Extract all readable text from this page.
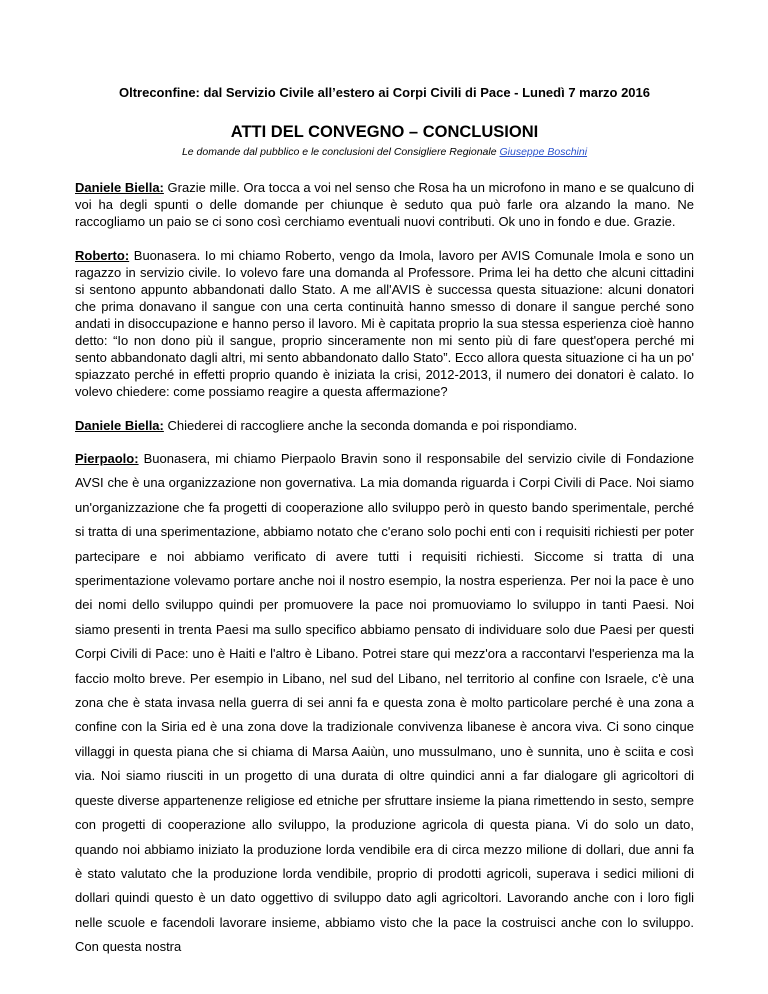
Oltreconfine: dal Servizio Civile all’estero ai Corpi Civili di Pace - Lunedì 7 marzo 2016
ATTI DEL CONVEGNO – CONCLUSIONI
Le domande dal pubblico e le conclusioni del Consigliere Regionale Giuseppe Boschini

Daniele Biella: Grazie mille. Ora tocca a voi nel senso che Rosa ha un microfono in mano e se qualcuno di voi ha degli spunti o delle domande per chiunque è seduto qua può farle ora alzando la mano. Ne raccogliamo un paio se ci sono così cerchiamo eventuali nuovi contributi. Ok uno in fondo e due. Grazie.

Roberto: Buonasera. Io mi chiamo Roberto, vengo da Imola, lavoro per AVIS Comunale Imola e sono un ragazzo in servizio civile. Io volevo fare una domanda al Professore. Prima lei ha detto che alcuni cittadini si sentono appunto abbandonati dallo Stato. A me all'AVIS è successa questa situazione: alcuni donatori che prima donavano il sangue con una certa continuità hanno smesso di donare il sangue perché sono andati in disoccupazione e hanno perso il lavoro. Mi è capitata proprio la sua stessa esperienza cioè hanno detto: “Io non dono più il sangue, proprio sinceramente non mi sento più di fare quest'opera perché mi sento abbandonato dagli altri, mi sento abbandonato dallo Stato”. Ecco allora questa situazione ci ha un po' spiazzato perché in effetti proprio quando è iniziata la crisi, 2012-2013, il numero dei donatori è calato. Io volevo chiedere: come possiamo reagire a questa affermazione?

Daniele Biella: Chiederei di raccogliere anche la seconda domanda e poi rispondiamo.

Pierpaolo: Buonasera, mi chiamo Pierpaolo Bravin sono il responsabile del servizio civile di Fondazione AVSI che è una organizzazione non governativa. La mia domanda riguarda i Corpi Civili di Pace. Noi siamo un'organizzazione che fa progetti di cooperazione allo sviluppo però in questo bando sperimentale, perché si tratta di una sperimentazione, abbiamo notato che c'erano solo pochi enti con i requisiti richiesti per poter partecipare e noi abbiamo verificato di avere tutti i requisiti richiesti. Siccome si tratta di una sperimentazione volevamo portare anche noi il nostro esempio, la nostra esperienza. Per noi la pace è uno dei nomi dello sviluppo quindi per promuovere la pace noi promuoviamo lo sviluppo in tanti Paesi. Noi siamo presenti in trenta Paesi ma sullo specifico abbiamo pensato di individuare solo due Paesi per questi Corpi Civili di Pace: uno è Haiti e l'altro è Libano. Potrei stare qui mezz'ora a raccontarvi l'esperienza ma la faccio molto breve. Per esempio in Libano, nel sud del Libano, nel territorio al confine con Israele, c'è una zona che è stata invasa nella guerra di sei anni fa e questa zona è molto particolare perché è una zona a confine con la Siria ed è una zona dove la tradizionale convivenza libanese è ancora viva. Ci sono cinque villaggi in questa piana che si chiama di Marsa Aaiùn, uno mussulmano, uno è sunnita, uno è sciita e così via. Noi siamo riusciti in un progetto di una durata di oltre quindici anni a far dialogare gli agricoltori di queste diverse appartenenze religiose ed etniche per sfruttare insieme la piana rimettendo in sesto, sempre con progetti di cooperazione allo sviluppo, la produzione agricola di questa piana. Vi do solo un dato, quando noi abbiamo iniziato la produzione lorda vendibile era di circa mezzo milione di dollari, due anni fa è stato valutato che la produzione lorda vendibile, proprio di prodotti agricoli, superava i sedici milioni di dollari quindi questo è un dato oggettivo di sviluppo dato agli agricoltori. Lavorando anche con i loro figli nelle scuole e facendoli lavorare insieme, abbiamo visto che la pace la costruisci anche con lo sviluppo. Con questa nostra
